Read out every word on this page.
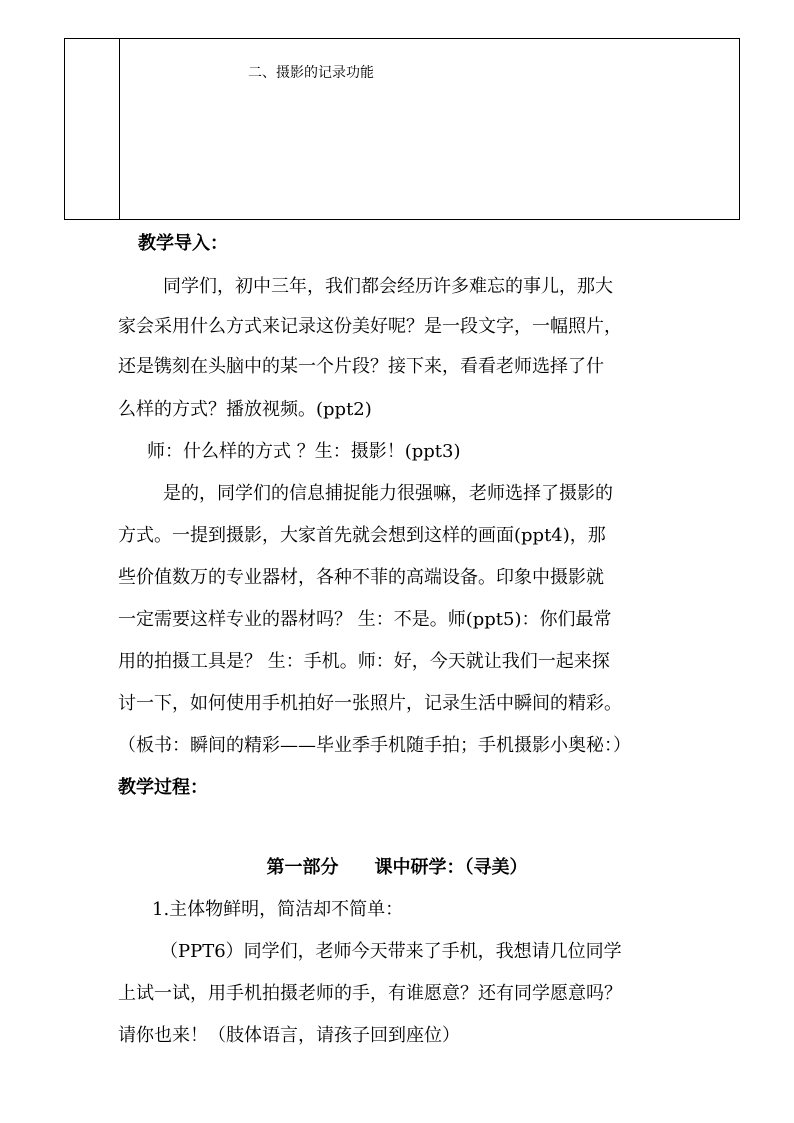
二、摄影的记录功能
教学导入：
同学们，初中三年，我们都会经历许多难忘的事儿，那大
家会采用什么方式来记录这份美好呢？是一段文字，一幅照片，
还是镌刻在头脑中的某一个片段？接下来，看看老师选择了什
么样的方式？播放视频。(ppt2)
师：什么样的方式 ？生：摄影！(ppt3)
是的，同学们的信息捕捉能力很强嘛，老师选择了摄影的
方式。一提到摄影，大家首先就会想到这样的画面(ppt4)，那
些价值数万的专业器材，各种不菲的高端设备。印象中摄影就
一定需要这样专业的器材吗？ 生：不是。师(ppt5)：你们最常
用的拍摄工具是？ 生：手机。师：好，今天就让我们一起来探
讨一下，如何使用手机拍好一张照片，记录生活中瞬间的精彩。
（板书：瞬间的精彩——毕业季手机随手拍；手机摄影小奥秘：）
教学过程：
第一部分　　课中研学：（寻美）
1.主体物鲜明，简洁却不简单：
（PPT6）同学们，老师今天带来了手机，我想请几位同学
上试一试，用手机拍摄老师的手，有谁愿意？还有同学愿意吗？
请你也来！（肢体语言，请孩子回到座位）
